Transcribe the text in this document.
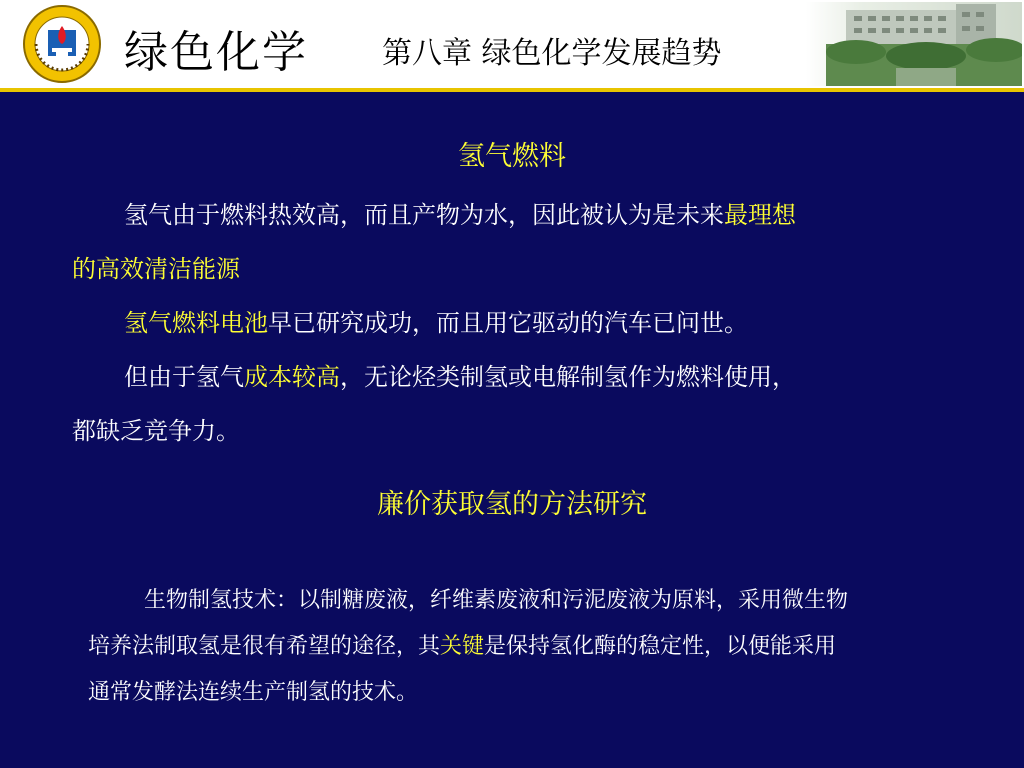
绿色化学 第八章 绿色化学发展趋势
氢气燃料
氢气由于燃料热效高，而且产物为水，因此被认为是未来最理想
的高效清洁能源
氢气燃料电池早已研究成功，而且用它驱动的汽车已问世。
但由于氢气成本较高，无论烃类制氢或电解制氢作为燃料使用，
都缺乏竞争力。
廉价获取氢的方法研究
生物制氢技术：以制糖废液，纤维素废液和污泥废液为原料，采用微生物
培养法制取氢是很有希望的途径，其关键是保持氢化酶的稳定性，以便能采用
通常发酵法连续生产制氢的技术。
